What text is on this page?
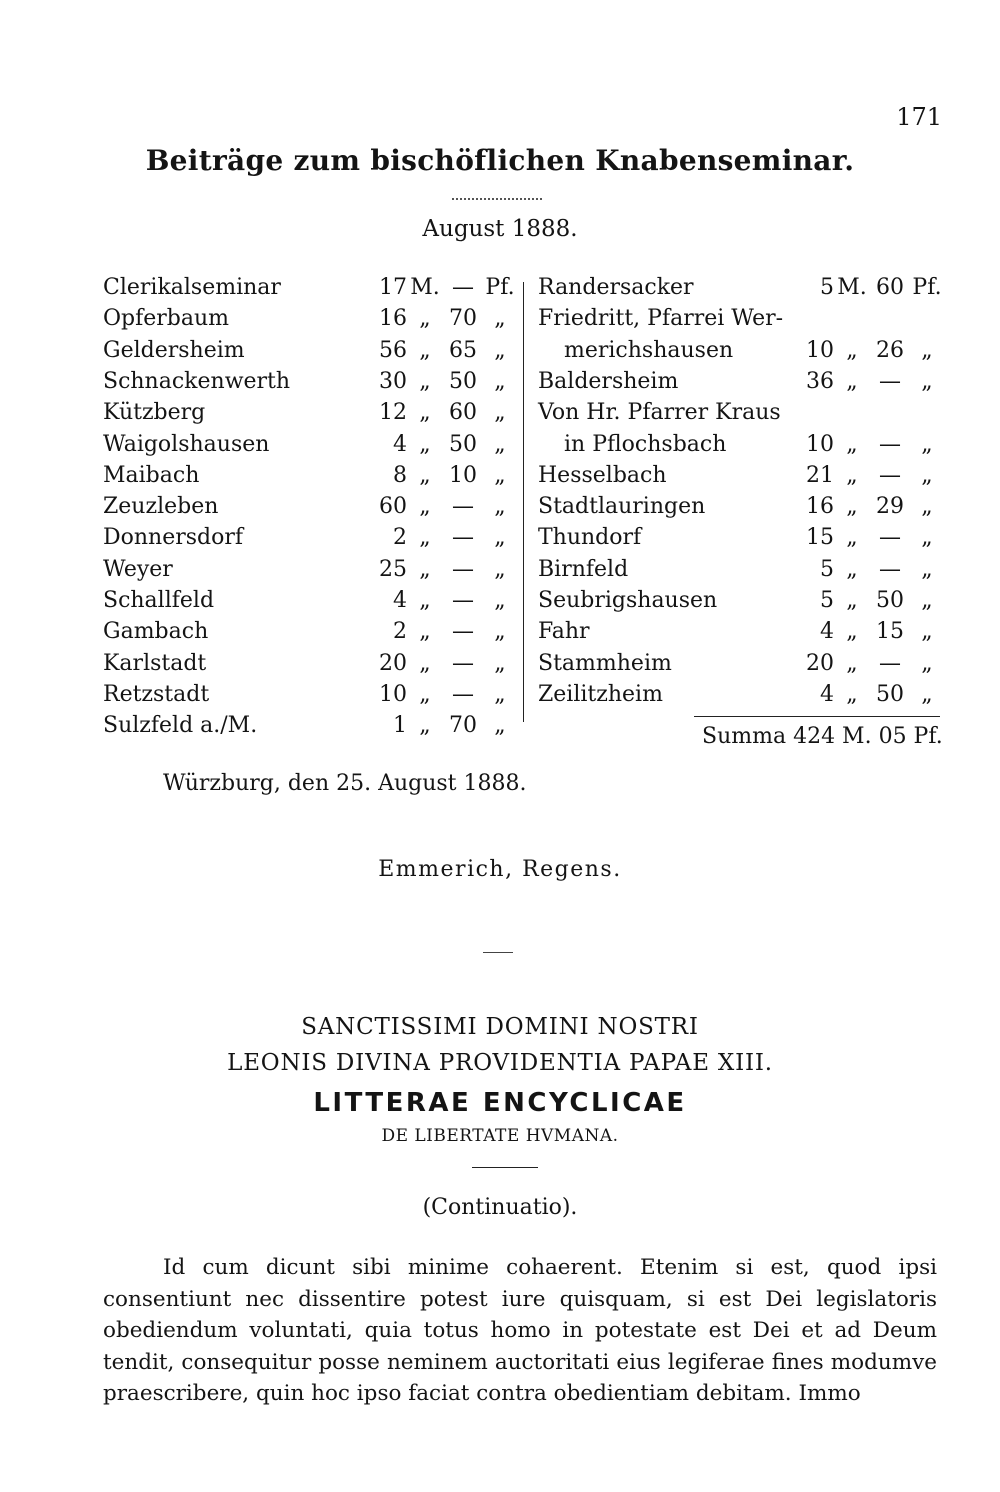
171
Beiträge zum bischöflichen Knabenseminar.
August 1888.
Clerikalseminar	17 M. — Pf.
Opferbaum	16 „ 70 „
Geldersheim	56 „ 65 „
Schnackenwerth	30 „ 50 „
Kützberg	12 „ 60 „
Waigolshausen	4 „ 50 „
Maibach	8 „ 10 „
Zeuzleben	60 „ — „
Donnersdorf	2 „ — „
Weyer	25 „ — „
Schallfeld	4 „ — „
Gambach	2 „ — „
Karlstadt	20 „ — „
Retzstadt	10 „ — „
Sulzfeld a./M.	1 „ 70 „
Randersacker	5 M. 60 Pf.
Friedritt, Pfarrei Wer-
merichshausen	10 „ 26 „
Baldersheim	36 „ — „
Von Hr. Pfarrer Kraus
in Pflochsbach	10 „ — „
Hesselbach	21 „ — „
Stadtlauringen	16 „ 29 „
Thundorf	15 „ — „
Birnfeld	5 „ — „
Seubrigshausen	5 „ 50 „
Fahr	4 „ 15 „
Stammheim	20 „ — „
Zeilitzheim	4 „ 50 „
Summa 424 M. 05 Pf.
Würzburg, den 25. August 1888.
Emmerich, Regens.
SANCTISSIMI DOMINI NOSTRI
LEONIS DIVINA PROVIDENTIA PAPAE XIII.
LITTERAE ENCYCLICAE
DE LIBERTATE HVMANA.
(Continuatio).
Id cum dicunt sibi minime cohaerent. Etenim si est, quod ipsi consentiunt nec dissentire potest iure quisquam, si est Dei legislatoris obediendum voluntati, quia totus homo in potestate est Dei et ad Deum tendit, consequitur posse neminem auctoritati eius legiferae fines modumve praescribere, quin hoc ipso faciat contra obedientiam debitam. Immo
